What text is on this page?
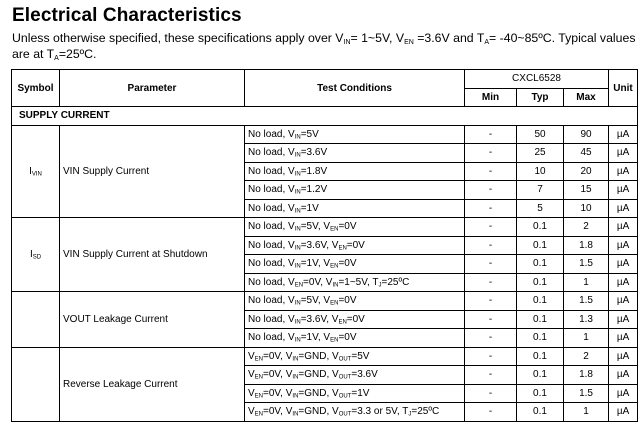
Electrical Characteristics
Unless otherwise specified, these specifications apply over $V_{IN}=$ 1~5V, $V_{EN} =3.6V$ and $T_A=$ -40~85ºC. Typical values are at $T_A=25ºC$.
Symbol	Parameter	Test Conditions	CXCL6528			Unit
			Min	Typ	Max	
SUPPLY CURRENT						
$I_{VIN}$	VIN Supply Current	No load, $V_{IN}=5V$	-	50	90	µA
		No load, $V_{IN}=3.6V$	-	25	45	µA
		No load, $V_{IN}=1.8V$	-	10	20	µA
		No load, $V_{IN}=1.2V$	-	7	15	µA
		No load, $V_{IN}=1V$	-	5	10	µA
$I_{SD}$	VIN Supply Current at Shutdown	No load, $V_{IN}=5V$, $V_{EN}=0V$	-	0.1	2	µA
		No load, $V_{IN}=3.6V$, $V_{EN}=0V$	-	0.1	1.8	µA
		No load, $V_{IN}=1V$, $V_{EN}=0V$	-	0.1	1.5	µA
		No load, $V_{EN}=0V$, $V_{IN}=1\sim 5V$, $T_J=25ºC$	-	0.1	1	µA
	VOUT Leakage Current	No load, $V_{IN}=5V$, $V_{EN}=0V$	-	0.1	1.5	µA
		No load, $V_{IN}=3.6V$, $V_{EN}=0V$	-	0.1	1.3	µA
		No load, $V_{IN}=1V$, $V_{EN}=0V$	-	0.1	1	µA
	Reverse Leakage Current	$V_{EN}=0V$, $V_{IN}=GND$, $V_{OUT}=5V$	-	0.1	2	µA
		$V_{EN}=0V$, $V_{IN}=GND$, $V_{OUT}=3.6V$	-	0.1	1.8	µA
		$V_{EN}=0V$, $V_{IN}=GND$, $V_{OUT}=1V$	-	0.1	1.5	µA
		$V_{EN}=0V$, $V_{IN}=GND$, $V_{OUT}=3.3$ or 5V, $T_J=25ºC$	-	0.1	1	µA
